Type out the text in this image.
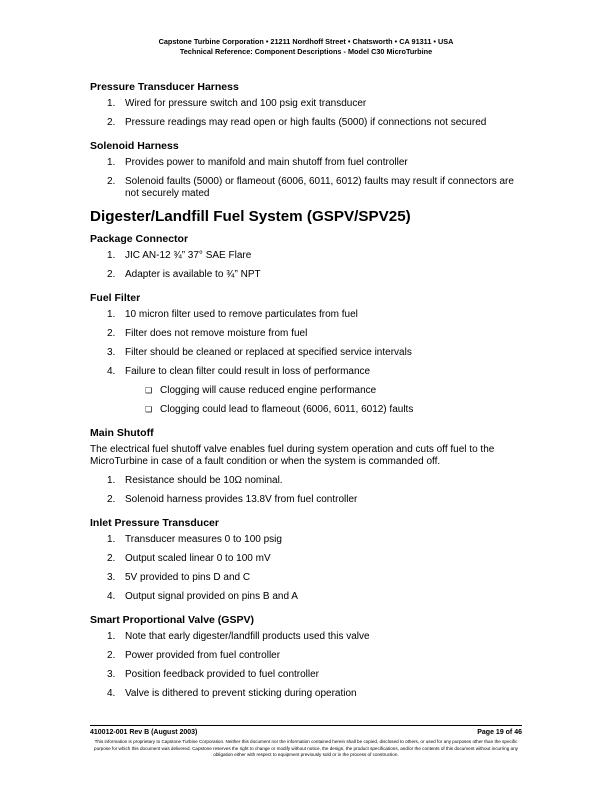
Capstone Turbine Corporation • 21211 Nordhoff Street • Chatsworth • CA 91311 • USA
Technical Reference: Component Descriptions - Model C30 MicroTurbine
Pressure Transducer Harness
1. Wired for pressure switch and 100 psig exit transducer
2. Pressure readings may read open or high faults (5000) if connections not secured
Solenoid Harness
1. Provides power to manifold and main shutoff from fuel controller
2. Solenoid faults (5000) or flameout (6006, 6011, 6012) faults may result if connectors are not securely mated
Digester/Landfill Fuel System (GSPV/SPV25)
Package Connector
1. JIC AN-12 ¾” 37° SAE Flare
2. Adapter is available to ¾” NPT
Fuel Filter
1. 10 micron filter used to remove particulates from fuel
2. Filter does not remove moisture from fuel
3. Filter should be cleaned or replaced at specified service intervals
4. Failure to clean filter could result in loss of performance
❏ Clogging will cause reduced engine performance
❏ Clogging could lead to flameout (6006, 6011, 6012) faults
Main Shutoff

The electrical fuel shutoff valve enables fuel during system operation and cuts off fuel to the MicroTurbine in case of a fault condition or when the system is commanded off.

1. Resistance should be 10Ω nominal.
2. Solenoid harness provides 13.8V from fuel controller
Inlet Pressure Transducer
1. Transducer measures 0 to 100 psig
2. Output scaled linear 0 to 100 mV
3. 5V provided to pins D and C
4. Output signal provided on pins B and A
Smart Proportional Valve (GSPV)
1. Note that early digester/landfill products used this valve
2. Power provided from fuel controller
3. Position feedback provided to fuel controller
4. Valve is dithered to prevent sticking during operation
410012-001 Rev B (August 2003)	Page 19 of 46
This information is proprietary to Capstone Turbine Corporation. Neither this document nor the information contained herein shall be copied, disclosed to others, or used for any purposes other than the specific purpose for which this document was delivered. Capstone reserves the right to change or modify without notice, the design, the product specifications, and/or the contents of this document without incurring any obligation either with respect to equipment previously sold or in the process of construction.
